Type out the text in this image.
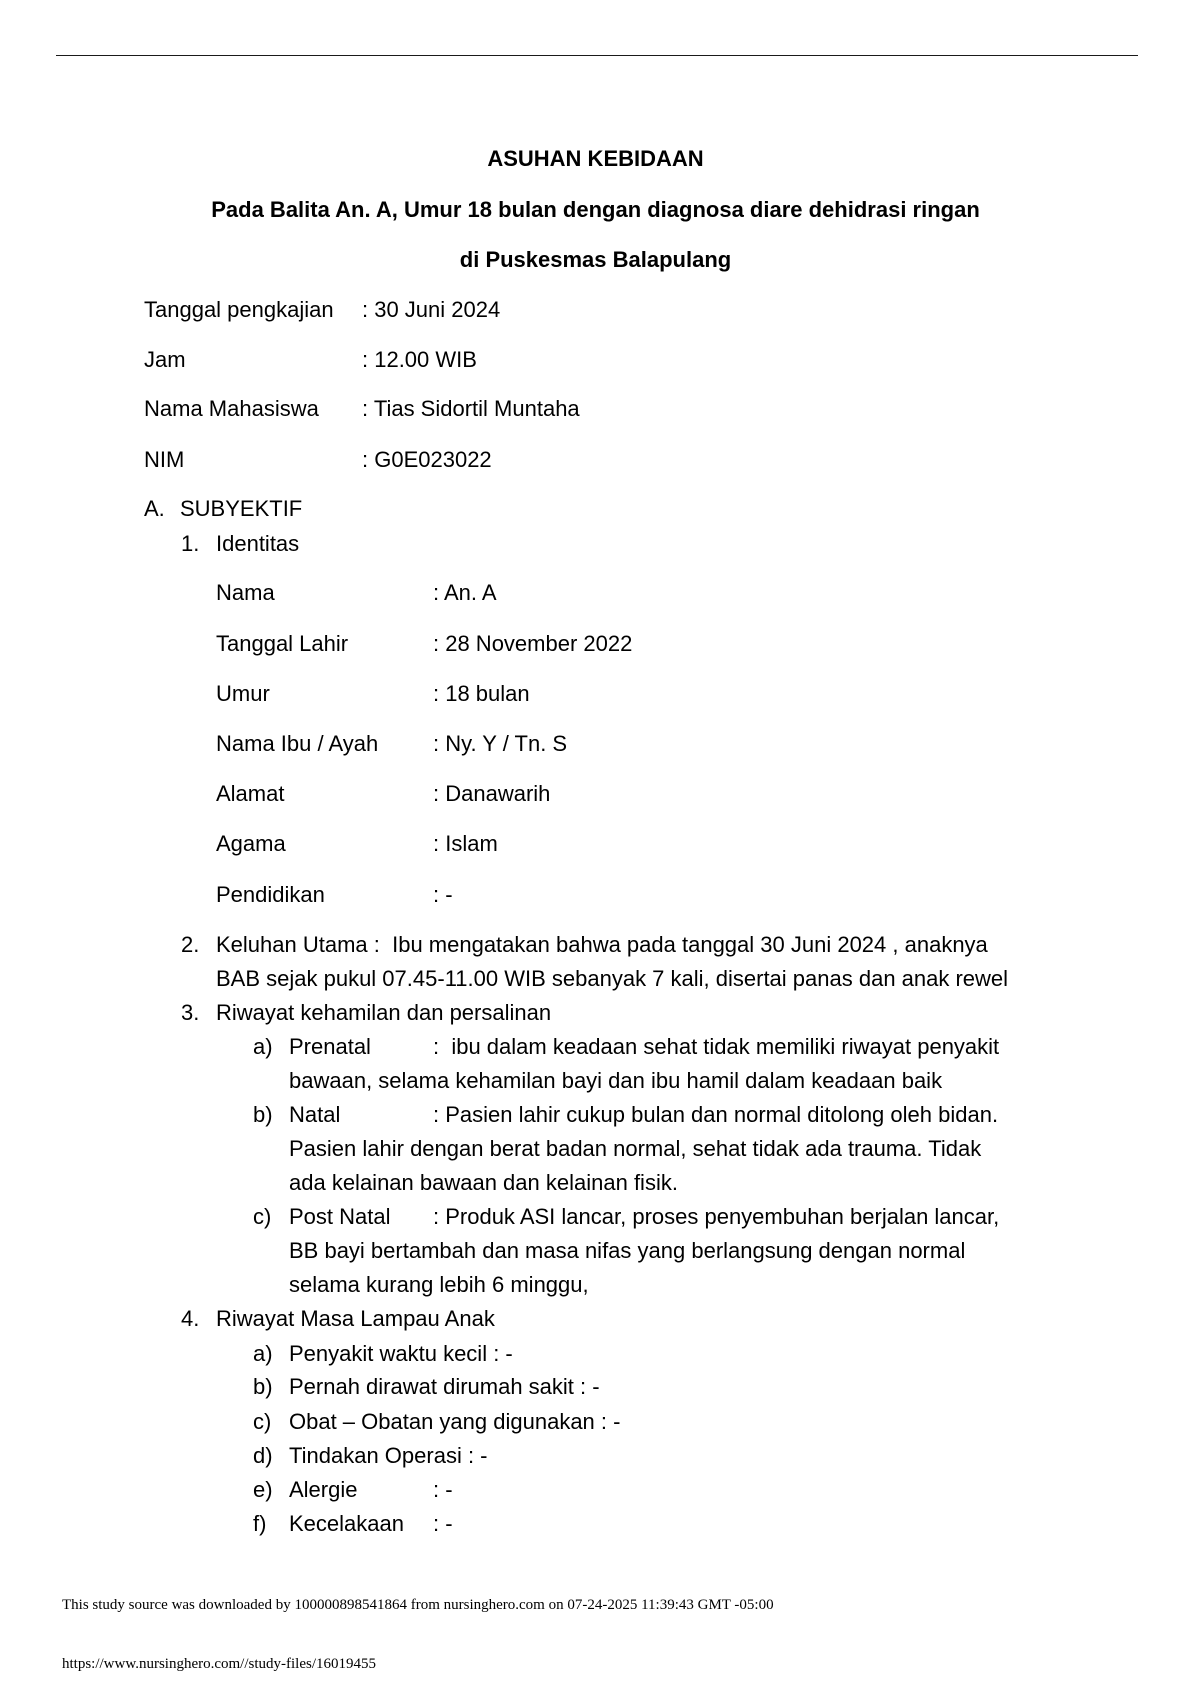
ASUHAN KEBIDAAN
Pada Balita An. A, Umur 18 bulan dengan diagnosa diare dehidrasi ringan
di Puskesmas Balapulang

Tanggal pengkajian

: 30 Juni 2024

Jam

	: 12.00 WIB

Nama Mahasiswa

: Tias Sidortil Muntaha

NIM

	: G0E023022

A.

SUBYEKTIF

1.

Identitas

Nama

	: An. A

Tanggal Lahir

	: 28 November 2022

Umur

	: 18 bulan

Nama Ibu / Ayah

: Ny. Y / Tn. S

Alamat

	: Danawarih

Agama

	: Islam

Pendidikan

	: -

2.

Keluhan Utama :  Ibu mengatakan bahwa pada tanggal 30 Juni 2024 , anaknya

BAB sejak pukul 07.45-11.00 WIB sebanyak 7 kali, disertai panas dan anak rewel

3.

Riwayat kehamilan dan persalinan

a)

Prenatal

	:  ibu dalam keadaan sehat tidak memiliki riwayat penyakit

bawaan, selama kehamilan bayi dan ibu hamil dalam keadaan baik

b)

Natal

	: Pasien lahir cukup bulan dan normal ditolong oleh bidan.

Pasien lahir dengan berat badan normal, sehat tidak ada trauma. Tidak

ada kelainan bawaan dan kelainan fisik.

c)

Post Natal

: Produk ASI lancar, proses penyembuhan berjalan lancar,

BB bayi bertambah dan masa nifas yang berlangsung dengan normal

selama kurang lebih 6 minggu,

4.

Riwayat Masa Lampau Anak

a)

Penyakit waktu kecil : -

b)

Pernah dirawat dirumah sakit : -

c)

Obat – Obatan yang digunakan : -

d)

Tindakan Operasi : -

e)

Alergie

	: -

f)

Kecelakaan

: -

This study source was downloaded by 100000898541864 from nursinghero.com on 07-24-2025 11:39:43 GMT -05:00

https://www.nursinghero.com//study-files/16019455
